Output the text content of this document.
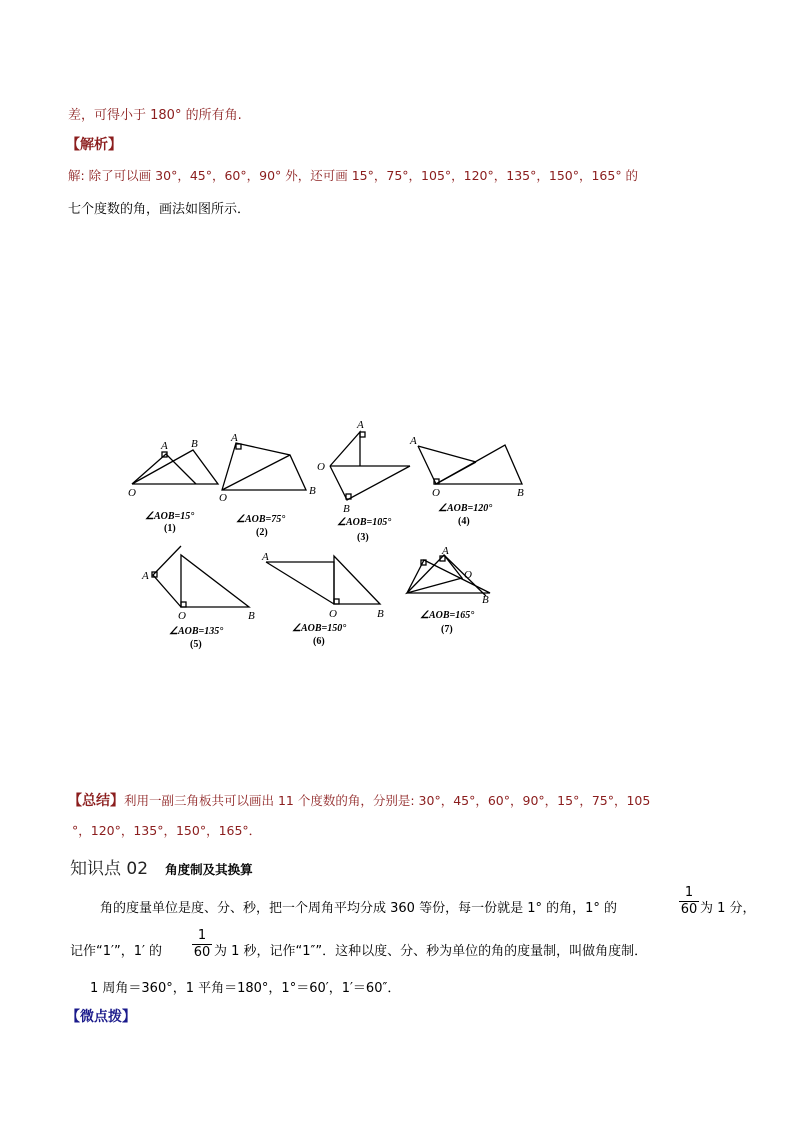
差，可得小于 180° 的所有角.
【解析】
解: 除了可以画 30°，45°，60°，90° 外，还可画 15°，75°，105°，120°，135°，150°，165° 的
七个度数的角，画法如图所示．
A B
O
∠AOB=15°
(1)
A
B
O
∠AOB=75°
(2)
A
O
B
∠AOB=105°
(3)
A
O	B
∠AOB=120°
(4)
A
O	B
∠AOB=135°
(5)
A
O	B
∠AOB=150°
(6)
A
O
B
∠AOB=165°
(7)
【总结】利用一副三角板共可以画出 11 个度数的角，分别是: 30°，45°，60°，90°，15°，75°，105
°，120°，135°，150°，165°．
知识点 02 角度制及其换算
角的度量单位是度、分、秒，把一个周角平均分成 360 等份，每一份就是 1° 的角，1° 的
1
60 为 1 分，
记作“1′”，1′ 的
1
60 为 1 秒，记作“1″”．这种以度、分、秒为单位的角的度量制，叫做角度制．
1 周角＝360°，1 平角＝180°，1°＝60′，1′＝60″．
【微点拨】
